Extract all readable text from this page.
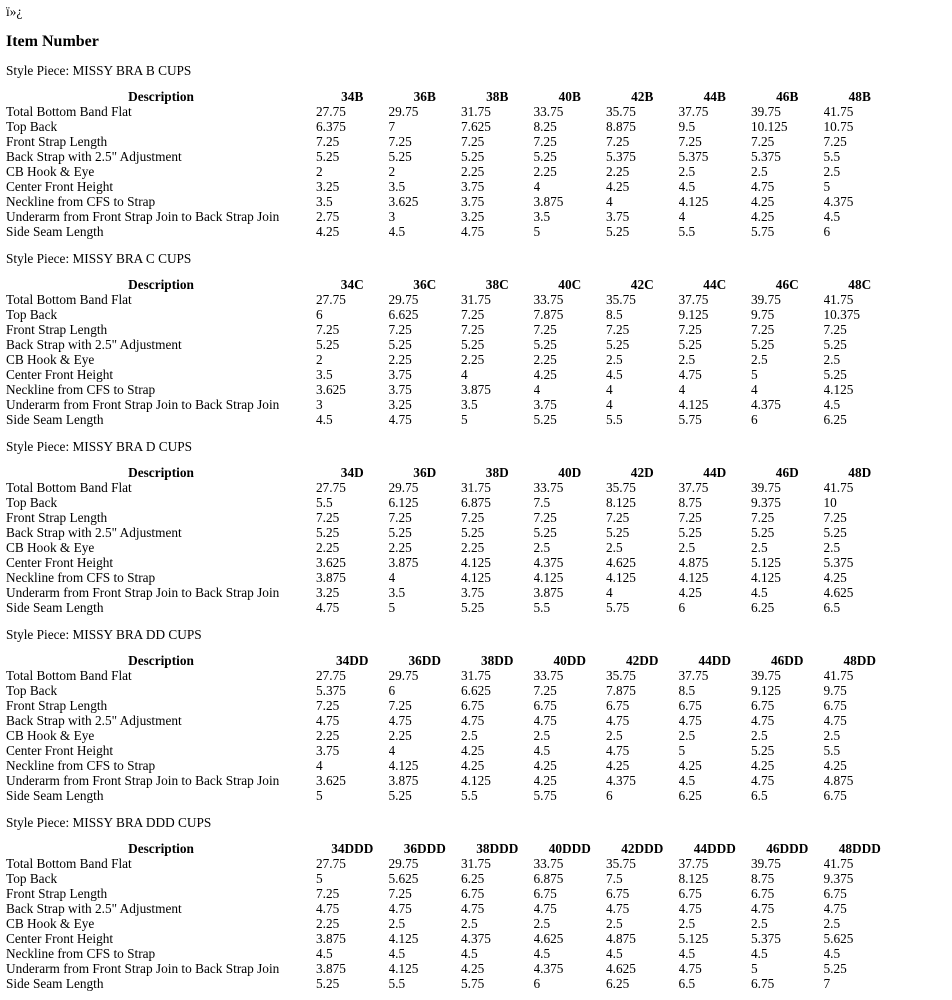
ï»¿
Item Number

Style Piece: MISSY BRA B CUPS

Description	34B	36B	38B	40B	42B	44B	46B	48B
Total Bottom Band Flat	27.75	29.75	31.75	33.75	35.75	37.75	39.75	41.75
Top Back	6.375	7	7.625	8.25	8.875	9.5	10.125	10.75
Front Strap Length	7.25	7.25	7.25	7.25	7.25	7.25	7.25	7.25
Back Strap with 2.5" Adjustment	5.25	5.25	5.25	5.25	5.375	5.375	5.375	5.5
CB Hook & Eye	2	2	2.25	2.25	2.25	2.5	2.5	2.5
Center Front Height	3.25	3.5	3.75	4	4.25	4.5	4.75	5
Neckline from CFS to Strap	3.5	3.625	3.75	3.875	4	4.125	4.25	4.375
Underarm from Front Strap Join to Back Strap Join	2.75	3	3.25	3.5	3.75	4	4.25	4.5
Side Seam Length	4.25	4.5	4.75	5	5.25	5.5	5.75	6

Style Piece: MISSY BRA C CUPS

Description	34C	36C	38C	40C	42C	44C	46C	48C
Total Bottom Band Flat	27.75	29.75	31.75	33.75	35.75	37.75	39.75	41.75
Top Back	6	6.625	7.25	7.875	8.5	9.125	9.75	10.375
Front Strap Length	7.25	7.25	7.25	7.25	7.25	7.25	7.25	7.25
Back Strap with 2.5" Adjustment	5.25	5.25	5.25	5.25	5.25	5.25	5.25	5.25
CB Hook & Eye	2	2.25	2.25	2.25	2.5	2.5	2.5	2.5
Center Front Height	3.5	3.75	4	4.25	4.5	4.75	5	5.25
Neckline from CFS to Strap	3.625	3.75	3.875	4	4	4	4	4.125
Underarm from Front Strap Join to Back Strap Join	3	3.25	3.5	3.75	4	4.125	4.375	4.5
Side Seam Length	4.5	4.75	5	5.25	5.5	5.75	6	6.25

Style Piece: MISSY BRA D CUPS

Description	34D	36D	38D	40D	42D	44D	46D	48D
Total Bottom Band Flat	27.75	29.75	31.75	33.75	35.75	37.75	39.75	41.75
Top Back	5.5	6.125	6.875	7.5	8.125	8.75	9.375	10
Front Strap Length	7.25	7.25	7.25	7.25	7.25	7.25	7.25	7.25
Back Strap with 2.5" Adjustment	5.25	5.25	5.25	5.25	5.25	5.25	5.25	5.25
CB Hook & Eye	2.25	2.25	2.25	2.5	2.5	2.5	2.5	2.5
Center Front Height	3.625	3.875	4.125	4.375	4.625	4.875	5.125	5.375
Neckline from CFS to Strap	3.875	4	4.125	4.125	4.125	4.125	4.125	4.25
Underarm from Front Strap Join to Back Strap Join	3.25	3.5	3.75	3.875	4	4.25	4.5	4.625
Side Seam Length	4.75	5	5.25	5.5	5.75	6	6.25	6.5

Style Piece: MISSY BRA DD CUPS

Description	34DD	36DD	38DD	40DD	42DD	44DD	46DD	48DD
Total Bottom Band Flat	27.75	29.75	31.75	33.75	35.75	37.75	39.75	41.75
Top Back	5.375	6	6.625	7.25	7.875	8.5	9.125	9.75
Front Strap Length	7.25	7.25	6.75	6.75	6.75	6.75	6.75	6.75
Back Strap with 2.5" Adjustment	4.75	4.75	4.75	4.75	4.75	4.75	4.75	4.75
CB Hook & Eye	2.25	2.25	2.5	2.5	2.5	2.5	2.5	2.5
Center Front Height	3.75	4	4.25	4.5	4.75	5	5.25	5.5
Neckline from CFS to Strap	4	4.125	4.25	4.25	4.25	4.25	4.25	4.25
Underarm from Front Strap Join to Back Strap Join	3.625	3.875	4.125	4.25	4.375	4.5	4.75	4.875
Side Seam Length	5	5.25	5.5	5.75	6	6.25	6.5	6.75

Style Piece: MISSY BRA DDD CUPS

Description	34DDD	36DDD	38DDD	40DDD	42DDD	44DDD	46DDD	48DDD
Total Bottom Band Flat	27.75	29.75	31.75	33.75	35.75	37.75	39.75	41.75
Top Back	5	5.625	6.25	6.875	7.5	8.125	8.75	9.375
Front Strap Length	7.25	7.25	6.75	6.75	6.75	6.75	6.75	6.75
Back Strap with 2.5" Adjustment	4.75	4.75	4.75	4.75	4.75	4.75	4.75	4.75
CB Hook & Eye	2.25	2.5	2.5	2.5	2.5	2.5	2.5	2.5
Center Front Height	3.875	4.125	4.375	4.625	4.875	5.125	5.375	5.625
Neckline from CFS to Strap	4.5	4.5	4.5	4.5	4.5	4.5	4.5	4.5
Underarm from Front Strap Join to Back Strap Join	3.875	4.125	4.25	4.375	4.625	4.75	5	5.25
Side Seam Length	5.25	5.5	5.75	6	6.25	6.5	6.75	7
